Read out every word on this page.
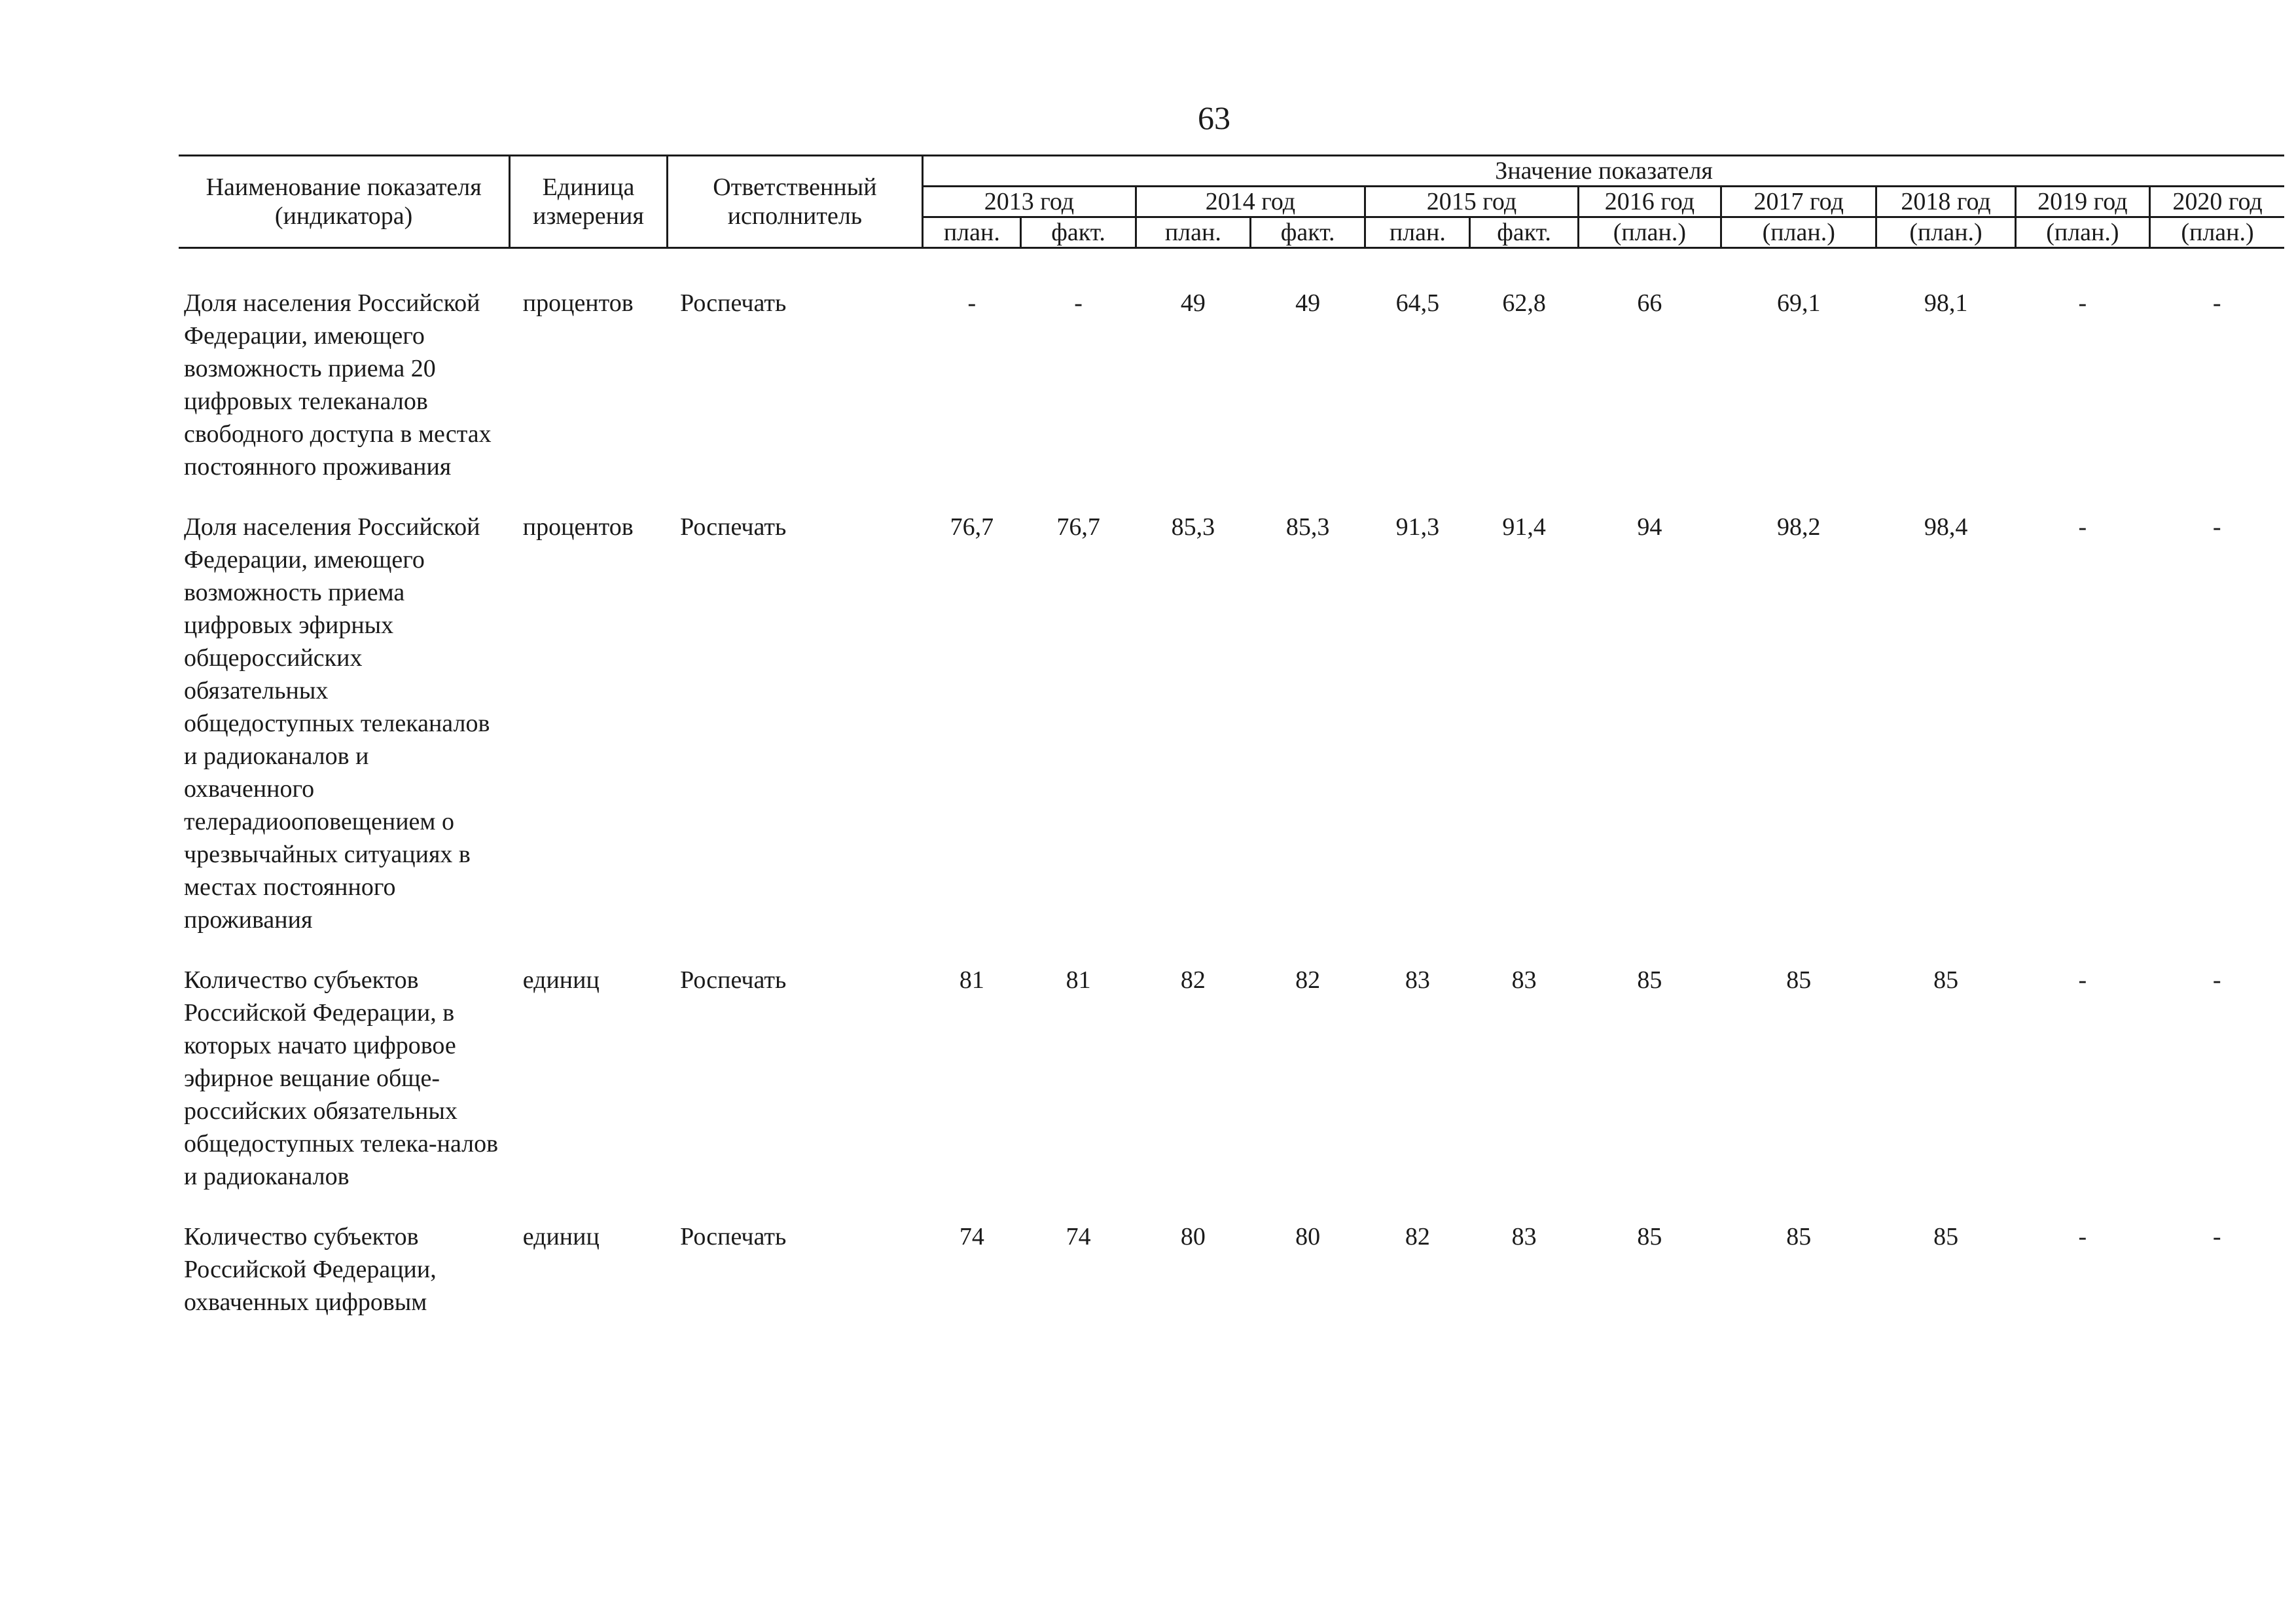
63
Наименование показателя (индикатора)	Единица измерения	Ответственный исполнитель	Значение показателя										
			2013 год		2014 год		2015 год		2016 год	2017 год	2018 год	2019 год	2020 год
			план.	факт.	план.	факт.	план.	факт.	(план.)	(план.)	(план.)	(план.)	(план.)

Доля населения Российской Федерации, имеющего возможность приема 20 цифровых телеканалов свободного доступа в местах постоянного проживания	процентов	Роспечать	-	-	49	49	64,5	62,8	66	69,1	98,1	-	-

Доля населения Российской Федерации, имеющего возможность приема цифровых эфирных общероссийских обязательных общедоступных телеканалов и радиоканалов и охваченного телерадиооповещением о чрезвычайных ситуациях в местах постоянного проживания	процентов	Роспечать	76,7	76,7	85,3	85,3	91,3	91,4	94	98,2	98,4	-	-

Количество субъектов Российской Федерации, в которых начато цифровое эфирное вещание обще-российских обязательных общедоступных телека-налов и радиоканалов	единиц	Роспечать	81	81	82	82	83	83	85	85	85	-	-

Количество субъектов Российской Федерации, охваченных цифровым	единиц	Роспечать	74	74	80	80	82	83	85	85	85	-	-
